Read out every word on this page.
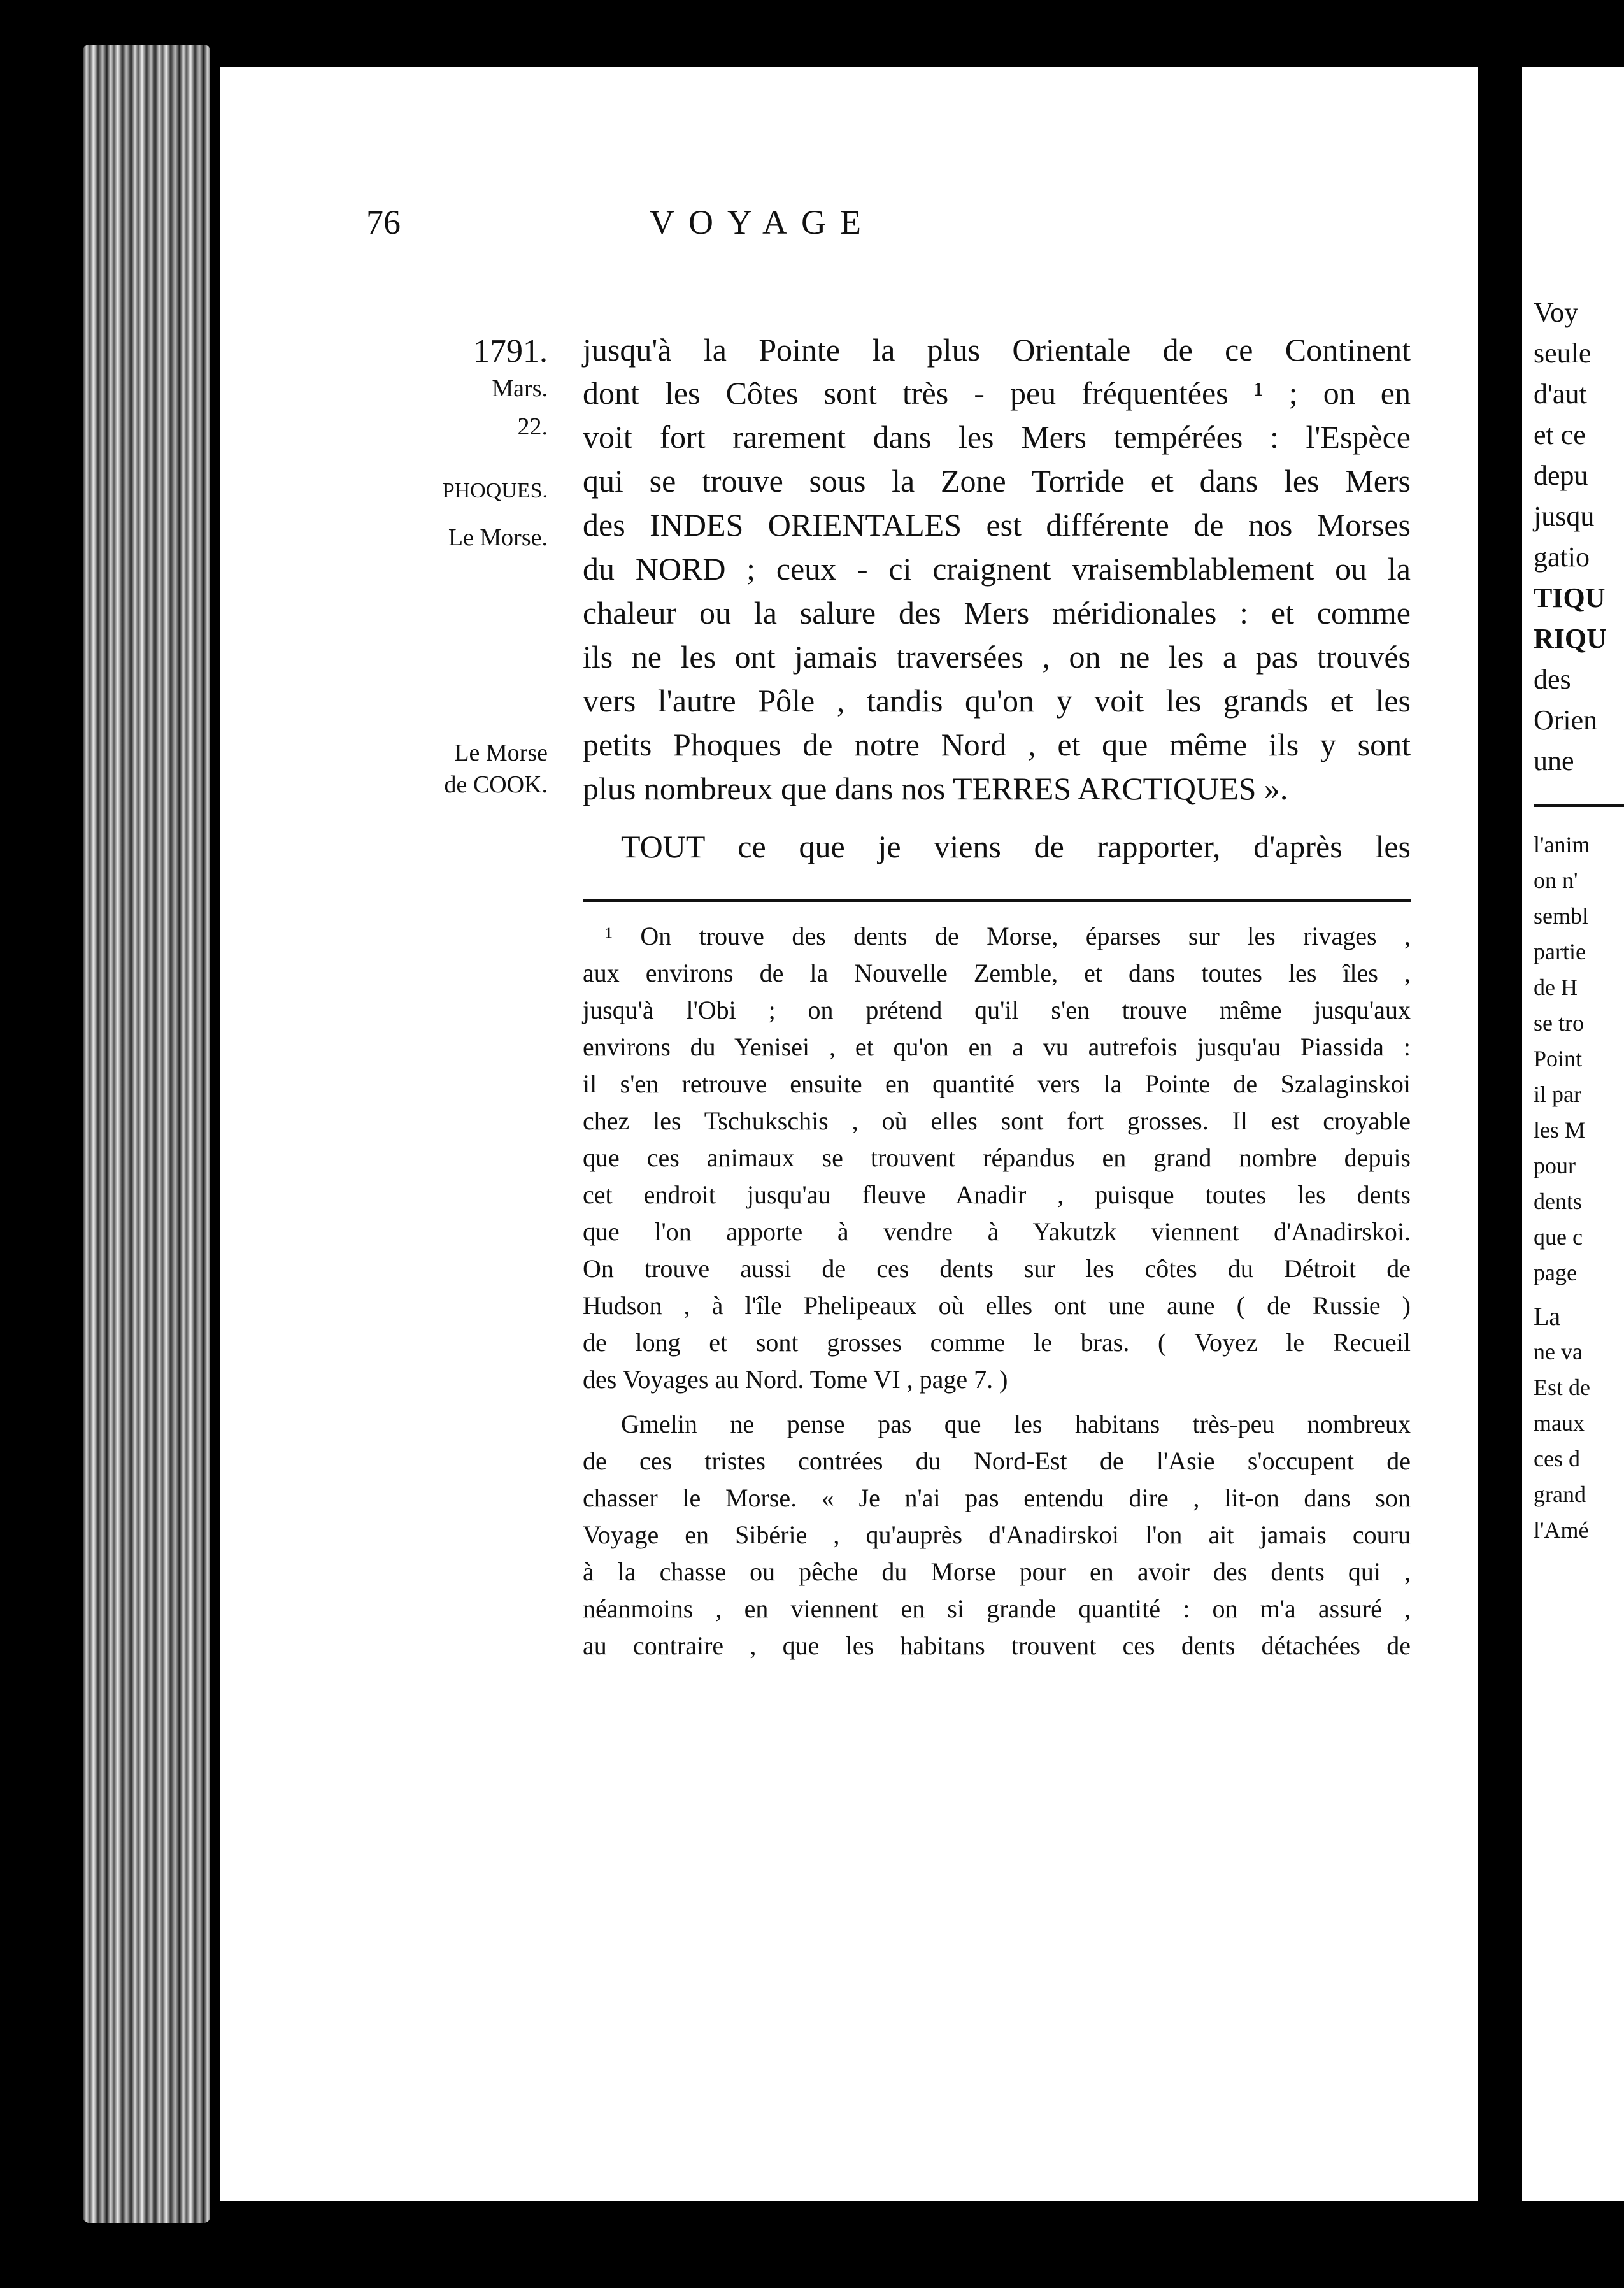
76	VOYAGE
1791.
Mars.
22.
PHOQUES.
Le Morse.
Le Morse
de COOK.
jusqu'à la Pointe la plus Orientale de ce Continent
dont les Côtes sont très - peu fréquentées ¹ ; on en
voit fort rarement dans les Mers tempérées : l'Espèce
qui se trouve sous la Zone Torride et dans les Mers
des INDES ORIENTALES est différente de nos Morses
du NORD ; ceux - ci craignent vraisemblablement ou la
chaleur ou la salure des Mers méridionales : et comme
ils ne les ont jamais traversées , on ne les a pas trouvés
vers l'autre Pôle , tandis qu'on y voit les grands et les
petits Phoques de notre Nord , et que même ils y sont
plus nombreux que dans nos TERRES ARCTIQUES ».
TOUT ce que je viens de rapporter, d'après les
¹ On trouve des dents de Morse, éparses sur les rivages ,
aux environs de la Nouvelle Zemble, et dans toutes les îles ,
jusqu'à l'Obi ; on prétend qu'il s'en trouve même jusqu'aux
environs du Yenisei , et qu'on en a vu autrefois jusqu'au Piassida :
il s'en retrouve ensuite en quantité vers la Pointe de Szalaginskoi
chez les Tschukschis , où elles sont fort grosses. Il est croyable
que ces animaux se trouvent répandus en grand nombre depuis
cet endroit jusqu'au fleuve Anadir , puisque toutes les dents
que l'on apporte à vendre à Yakutzk viennent d'Anadirskoi.
On trouve aussi de ces dents sur les côtes du Détroit de
Hudson , à l'île Phelipeaux où elles ont une aune ( de Russie )
de long et sont grosses comme le bras. ( Voyez le Recueil
des Voyages au Nord. Tome VI , page 7. )
Gmelin ne pense pas que les habitans très-peu nombreux
de ces tristes contrées du Nord-Est de l'Asie s'occupent de
chasser le Morse. « Je n'ai pas entendu dire , lit-on dans son
Voyage en Sibérie , qu'auprès d'Anadirskoi l'on ait jamais couru
à la chasse ou pêche du Morse pour en avoir des dents qui ,
néanmoins , en viennent en si grande quantité : on m'a assuré ,
au contraire , que les habitans trouvent ces dents détachées de
Voy
seule
d'aut
et ce
depu
jusqu
gatio
TIQU
RIQU
des
Orien
une
l'anim
on n'
sembl
partie
de H
se tro
Point
il par
les M
pour
dents
que c
page
La
ne va
Est de
maux
ces d
grand
l'Amé
